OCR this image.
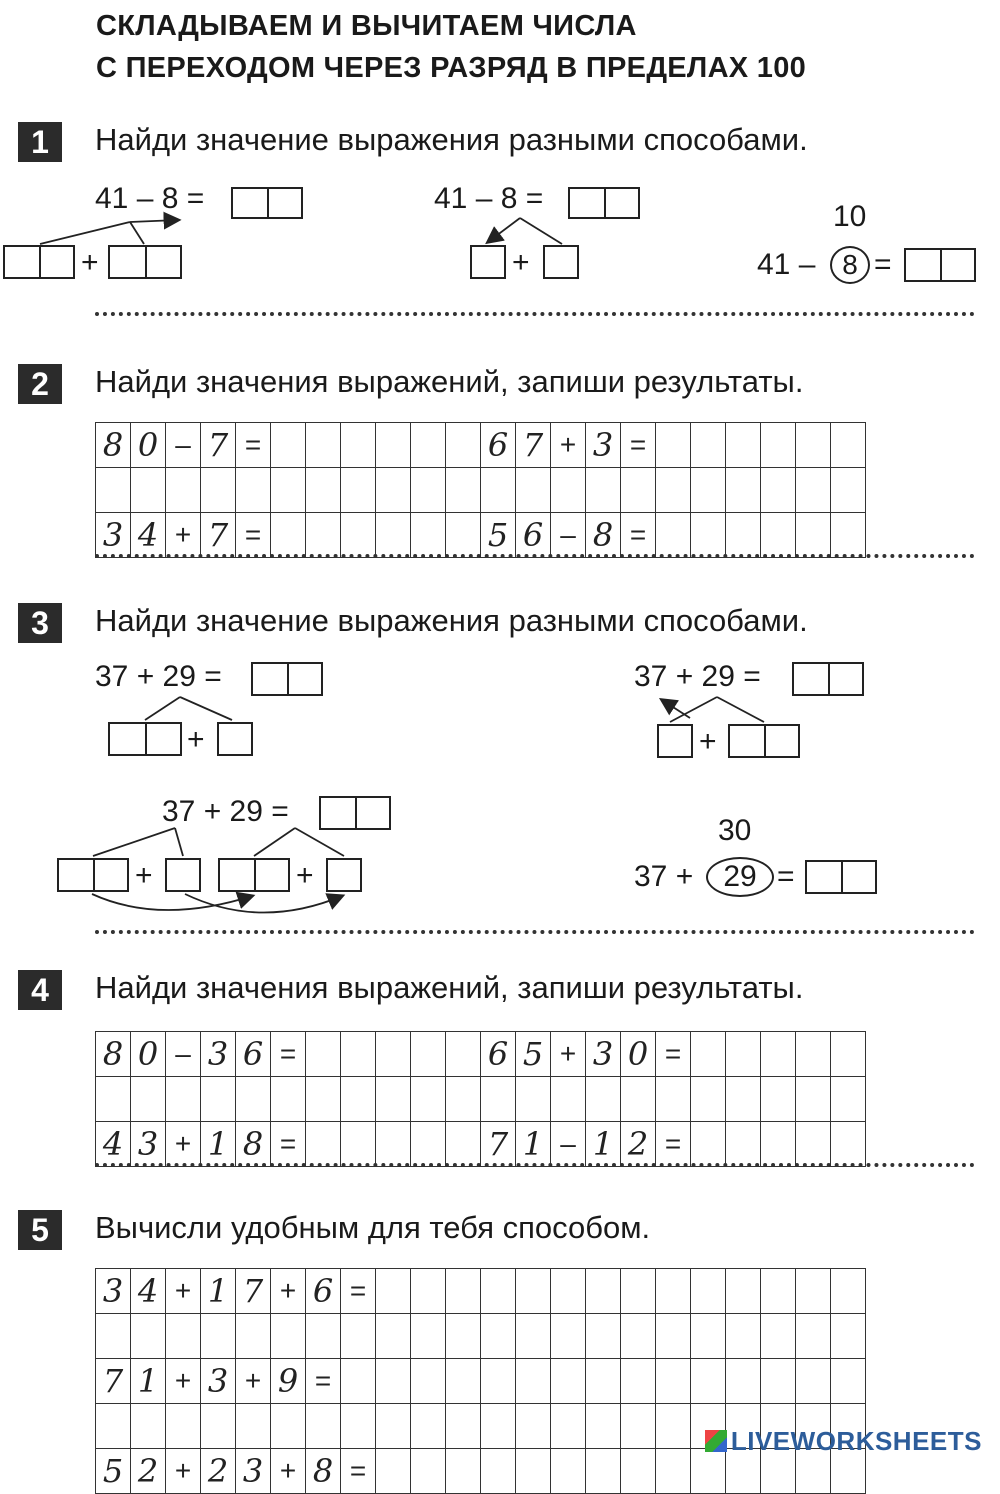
СКЛАДЫВАЕМ И ВЫЧИТАЕМ ЧИСЛА
С ПЕРЕХОДОМ ЧЕРЕЗ РАЗРЯД В ПРЕДЕЛАХ 100
1	Найди значение выражения разными способами.
41 – 8 =
+
41 – 8 =
+
10
41 – 8 =
2	Найди значения выражений, запиши результаты.
8	0	–	7	=							6	7	+	3	=						

3	4	+	7	=							5	6	–	8	=						
3	Найди значение выражения разными способами.
37 + 29 =
+
37 + 29 =
+
37 + 29 =
+	+
30
37 +	29 =
4	Найди значения выражений, запиши результаты.
8	0	–	3	6	=						6	5	+	3	0	=					

4	3	+	1	8	=						7	1	–	1	2	=					
5	Вычисли удобным для тебя способом.
3	4	+	1	7	+	6	=														

7	1	+	3	+	9	=															

5	2	+	2	3	+	8	=														
LIVEWORKSHEETS
